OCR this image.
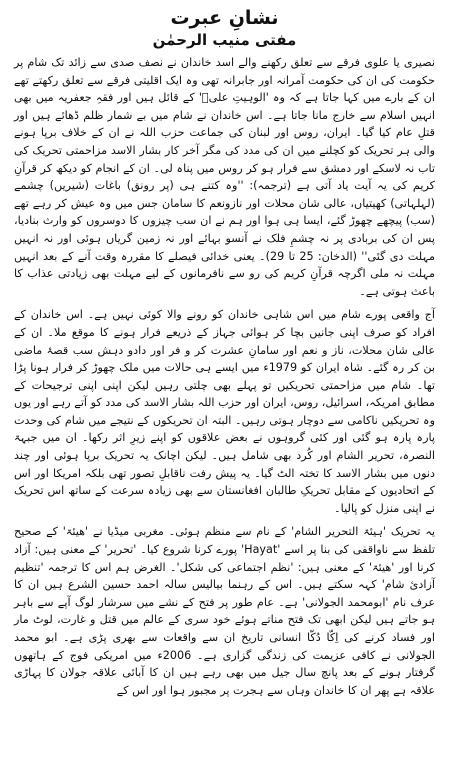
نشانِ عبرت
مفتی منیب الرحمٰن

نصیری یا علوی فرقے سے تعلق رکھنے والے اسد خاندان نے نصف صدی سے زائد تک شام پر حکومت کی ان کی حکومت آمرانہ اور جابرانہ تھی وہ ایک اقلیتی فرقے سے تعلق رکھتے تھے ان کے بارے میں کہا جاتا ہے کہ وہ 'الوہیتِ علیؓ' کے قائل ہیں اور فقہِ جعفریہ میں بھی انہیں اسلام سے خارج مانا جاتا ہے۔ اس خاندان نے شام میں بے شمار ظلم ڈھائے ہیں اور قتلِ عام کیا گیا۔ ایران، روس اور لبنان کی جماعت حزب اللہ نے ان کے خلاف برپا ہونے والی ہر تحریک کو کچلنے میں ان کی مدد کی مگر آخر کار بشار الاسد مزاحمتی تحریک کی تاب نہ لاسکے اور دمشق سے فرار ہو کر روس میں پناہ لی۔ ان کے انجام کو دیکھ کر قرآنِ کریم کی یہ آیت یاد آتی ہے (ترجمہ): ''وہ کتنے ہی (پر رونق) باغات (شیریں) چشمے (لہلہاتی) کھیتیاں، عالی شان محلات اور نازونعم کا سامان جس میں وہ عیش کر رہے تھے (سب) پیچھے چھوڑ گئے، ایسا ہی ہوا اور ہم نے ان سب چیزوں کا دوسروں کو وارث بنادیا، پس ان کی بربادی پر نہ چشمِ فلک نے آنسو بہائے اور نہ زمین گریاں ہوئی اور نہ انہیں مہلت دی گئی'' (الدخان: 25 تا 29)۔ یعنی خدائی فیصلے کا مقررہ وقت آنے کے بعد انہیں مہلت نہ ملی اگرچہ قرآنِ کریم کی رو سے نافرمانوں کے لیے مہلت بھی زیادتی عذاب کا باعث ہوتی ہے۔

آج واقعی پورے شام میں اس شاہی خاندان کو رونے والا کوئی نہیں ہے۔ اس خاندان کے افراد کو صرف اپنی جانیں بچا کر ہوائی جہاز کے ذریعے فرار ہونے کا موقع ملا۔ ان کے عالی شان محلات، ناز و نعم اور سامانِ عشرت کر و فر اور دادو دہش سب قصۂ ماضی بن کر رہ گئے۔ شاہ ایران کو 1979ء میں ایسے ہی حالات میں ملک چھوڑ کر فرار ہونا پڑا تھا۔ شام میں مزاحمتی تحریکیں تو پہلے بھی چلتی رہیں لیکن اپنی اپنی ترجیحات کے مطابق امریکہ، اسرائیل، روس، ایران اور حزب اللہ بشار الاسد کی مدد کو آتے رہے اور یوں وہ تحریکیں ناکامی سے دوچار ہوتی رہیں۔ البتہ ان تحریکوں کے نتیجے میں شام کی وحدت پارہ پارہ ہو گئی اور کئی گروہوں نے بعض علاقوں کو اپنے زیرِ اثر رکھا۔ ان میں جبہۃ النصرہ، تحریر الشام اور کُرد بھی شامل ہیں۔ لیکن اچانک یہ تحریک برپا ہوئی اور چند دنوں میں بشار الاسد کا تختہ الٹ گیا۔ یہ پیش رفت ناقابلِ تصور تھی بلکہ امریکا اور اس کے اتحادیوں کے مقابل تحریکِ طالبان افغانستان سے بھی زیادہ سرعت کے ساتھ اس تحریک نے اپنی منزل کو پالیا۔

یہ تحریک 'ہیئۃ التحریر الشام' کے نام سے منظم ہوئی۔ مغربی میڈیا نے 'ھیئۃ' کے صحیح تلفظ سے ناواقفی کی بنا پر اسے 'Hayat' پورے کرنا شروع کیا۔ 'تحریر' کے معنی ہیں: آزاد کرنا اور 'ھیئۃ' کے معنی ہیں: 'نظم اجتماعی کی شکل'۔ الغرض ہم اس کا ترجمہ 'تنظیم آزادیٔ شام' کہہ سکتے ہیں۔ اس کے رہنما بیالیس سالہ احمد حسین الشرع ہیں ان کا عرف نام 'ابومحمد الجولانی' ہے۔ عام طور پر فتح کے نشے میں سرشار لوگ آپے سے باہر ہو جاتے ہیں لیکن ابھی تک فتح مناتے ہوئے خود سری کے عالم میں قتل و غارت، لوٹ مار اور فساد کرنے کی اِکّا دُکّا انسانی تاریخ ان سے واقعات سے بھری پڑی ہے۔ ابو محمد الجولانی نے کافی عزیمت کی زندگی گزاری ہے۔ 2006ء میں امریکی فوج کے ہاتھوں گرفتار ہونے کے بعد پانچ سال جیل میں بھی رہے ہیں ان کا آبائی علاقہ جولان کا پہاڑی علاقہ ہے پھر ان کا خاندان وہاں سے ہجرت پر مجبور ہوا اور اس کے
